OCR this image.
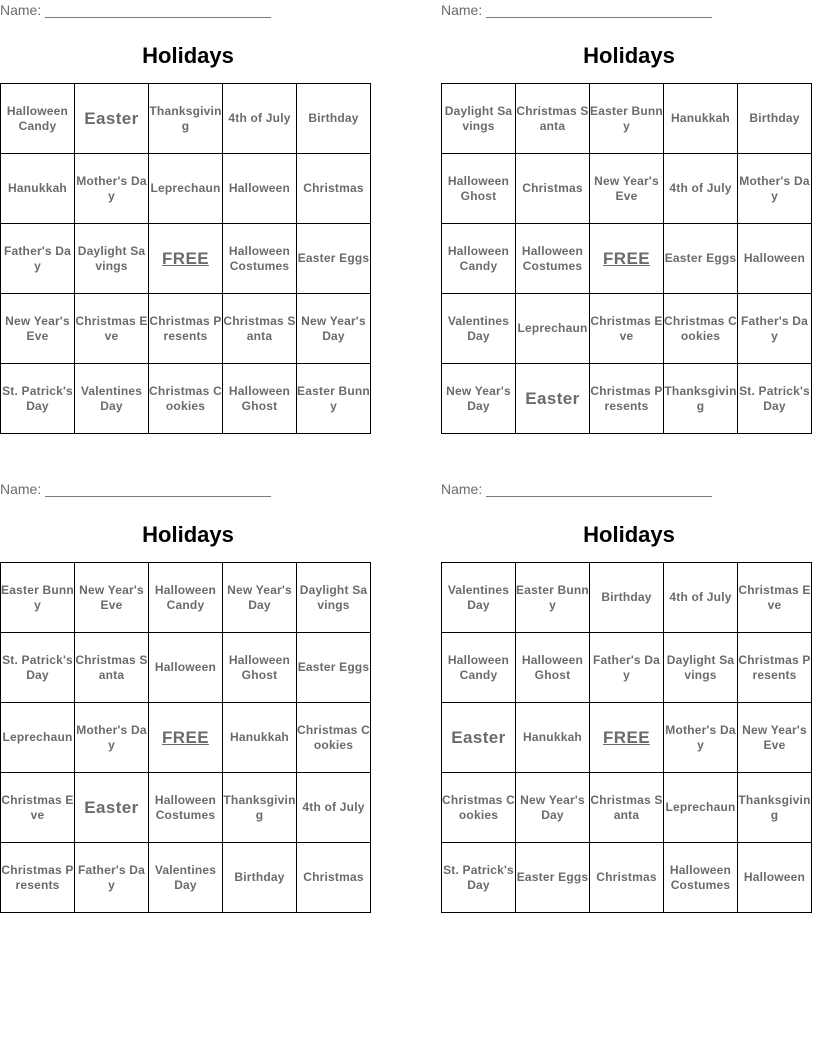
Name: _____________________________
Holidays
Halloween Candy	Easter	Thanksgiving	4th of July	Birthday
Hanukkah	Mother's Day	Leprechaun	Halloween	Christmas
Father's Day	Daylight Savings	FREE	Halloween Costumes	Easter Eggs
New Year's Eve	Christmas Eve	Christmas Presents	Christmas Santa	New Year's Day
St. Patrick's Day	Valentines Day	Christmas Cookies	Halloween Ghost	Easter Bunny
Name: _____________________________
Holidays
Daylight Savings	Christmas Santa	Easter Bunny	Hanukkah	Birthday
Halloween Ghost	Christmas	New Year's Eve	4th of July	Mother's Day
Halloween Candy	Halloween Costumes	FREE	Easter Eggs	Halloween
Valentines Day	Leprechaun	Christmas Eve	Christmas Cookies	Father's Day
New Year's Day	Easter	Christmas Presents	Thanksgiving	St. Patrick's Day
Name: _____________________________
Holidays
Easter Bunny	New Year's Eve	Halloween Candy	New Year's Day	Daylight Savings
St. Patrick's Day	Christmas Santa	Halloween	Halloween Ghost	Easter Eggs
Leprechaun	Mother's Day	FREE	Hanukkah	Christmas Cookies
Christmas Eve	Easter	Halloween Costumes	Thanksgiving	4th of July
Christmas Presents	Father's Day	Valentines Day	Birthday	Christmas
Name: _____________________________
Holidays
Valentines Day	Easter Bunny	Birthday	4th of July	Christmas Eve
Halloween Candy	Halloween Ghost	Father's Day	Daylight Savings	Christmas Presents
Easter	Hanukkah	FREE	Mother's Day	New Year's Eve
Christmas Cookies	New Year's Day	Christmas Santa	Leprechaun	Thanksgiving
St. Patrick's Day	Easter Eggs	Christmas	Halloween Costumes	Halloween
